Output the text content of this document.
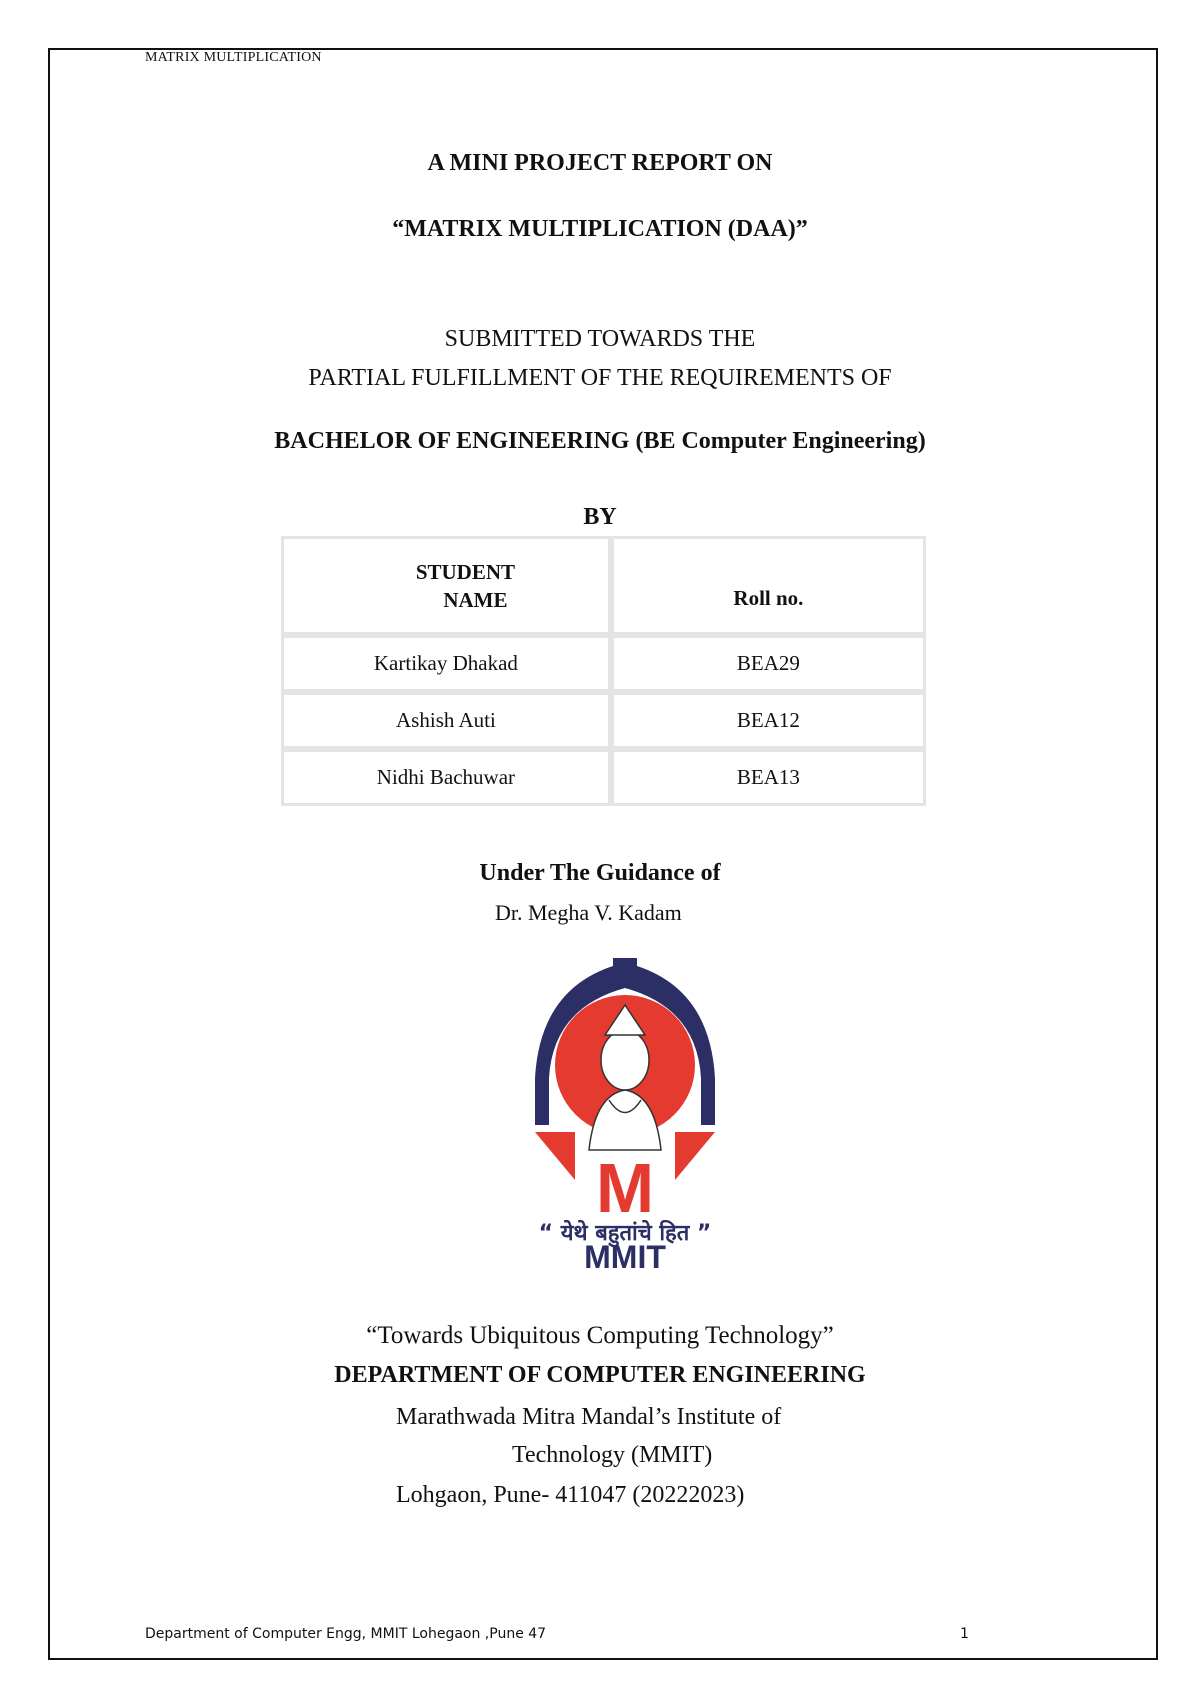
MATRIX MULTIPLICATION
A MINI PROJECT REPORT ON
“MATRIX MULTIPLICATION (DAA)”
SUBMITTED TOWARDS THE
PARTIAL FULFILLMENT OF THE REQUIREMENTS OF
BACHELOR OF ENGINEERING (BE Computer Engineering)
BY
STUDENT
NAME	Roll no.
Kartikay Dhakad	BEA29
Ashish Auti	BEA12
Nidhi Bachuwar	BEA13
Under The Guidance of
Dr. Megha V. Kadam
M
“ येथे बहुतांचे हित ”
MMIT
“Towards Ubiquitous Computing Technology”
DEPARTMENT OF COMPUTER ENGINEERING
Marathwada Mitra Mandal’s Institute of
Technology (MMIT)
Lohgaon, Pune- 411047 (20222023)
Department of Computer Engg, MMIT Lohegaon ,Pune 47	1
